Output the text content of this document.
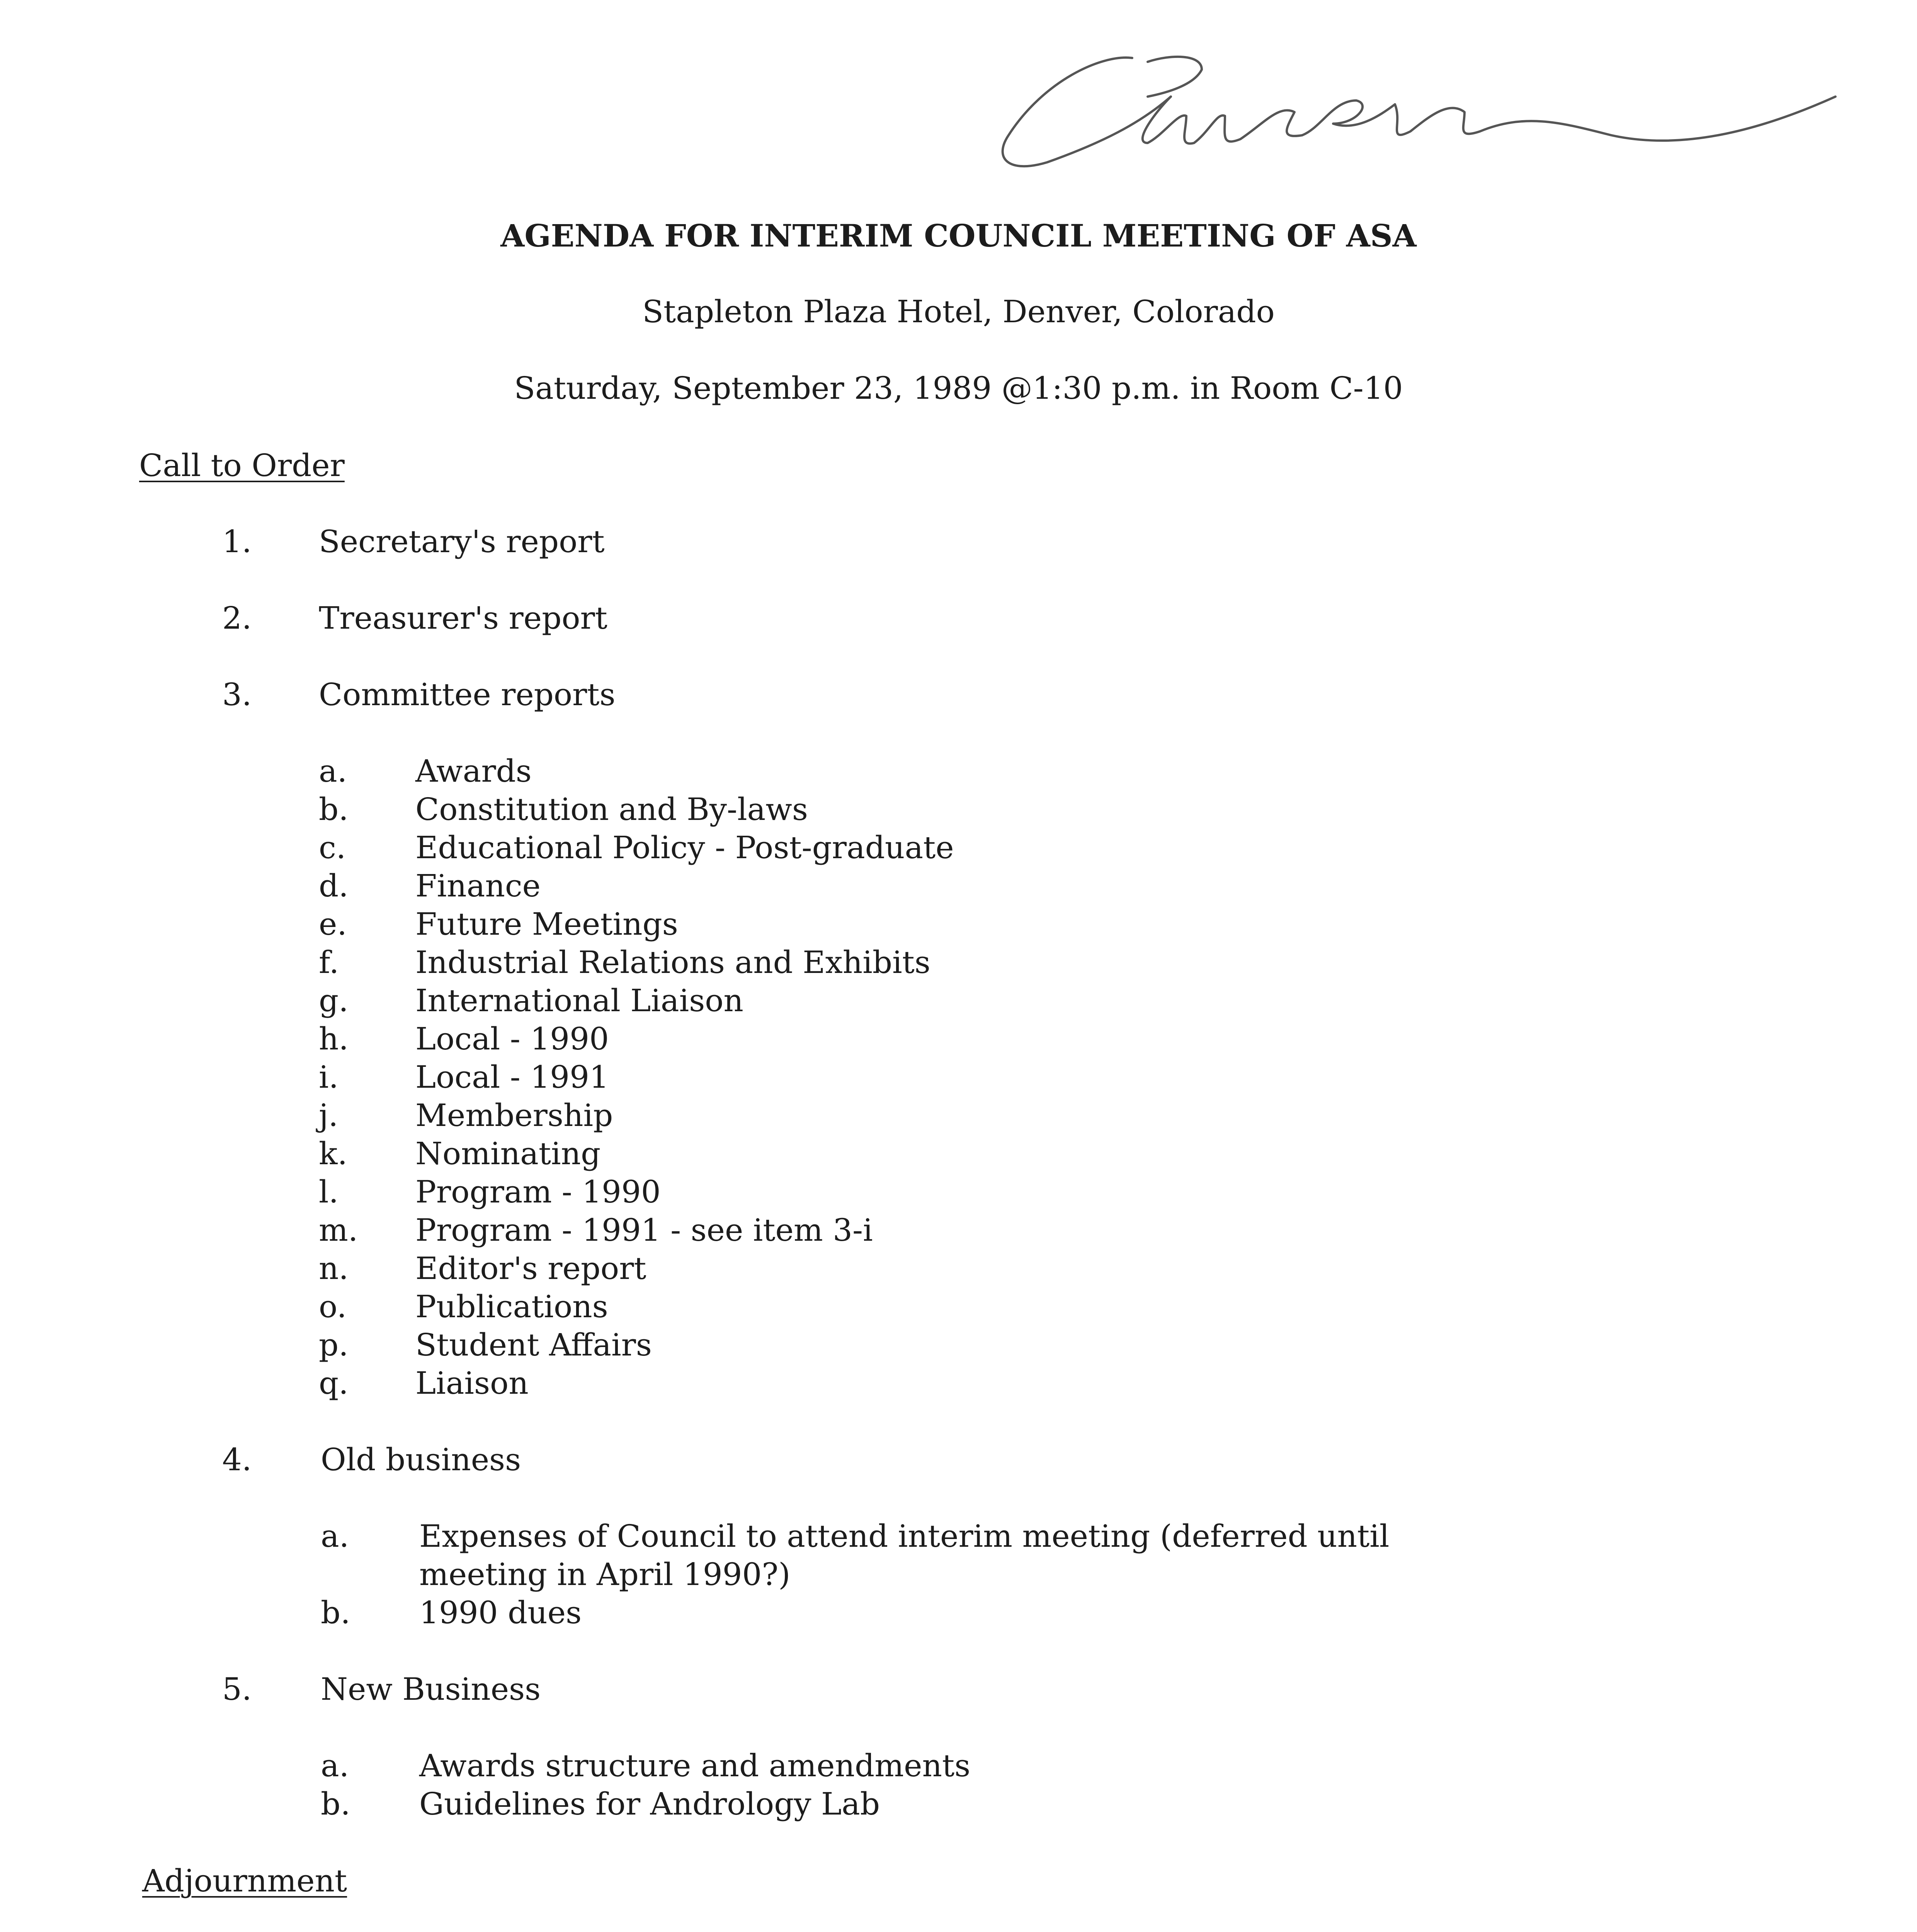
AGENDA FOR INTERIM COUNCIL MEETING OF ASA
Stapleton Plaza Hotel, Denver, Colorado
Saturday, September 23, 1989 @1:30 p.m. in Room C-10
Call to Order
1. Secretary's report
2. Treasurer's report
3. Committee reports
a. Awards
b. Constitution and By-laws
c. Educational Policy - Post-graduate
d. Finance
e. Future Meetings
f. Industrial Relations and Exhibits
g. International Liaison
h. Local - 1990
i. Local - 1991
j. Membership
k. Nominating
l. Program - 1990
m. Program - 1991 - see item 3-i
n. Editor's report
o. Publications
p. Student Affairs
q. Liaison
4. Old business
a. Expenses of Council to attend interim meeting (deferred until
meeting in April 1990?)
b. 1990 dues
5. New Business
a. Awards structure and amendments
b. Guidelines for Andrology Lab
Adjournment
